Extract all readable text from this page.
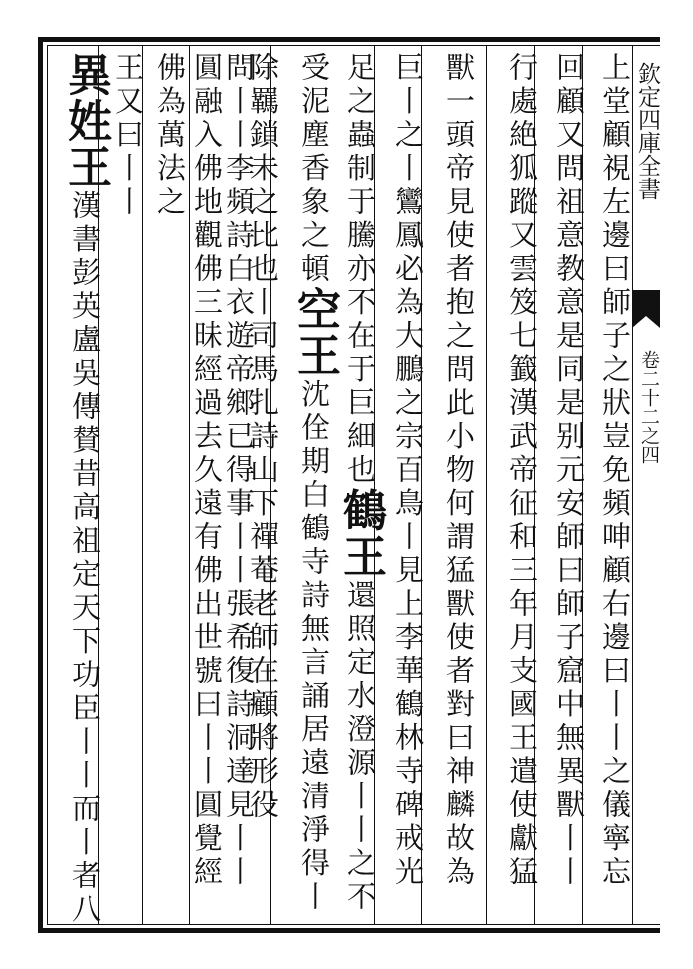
欽定四庫全書
卷二十二之四
上堂顧視左邊曰師子之狀豈免頻呻顧右邊曰丨丨之儀寧忘
回顧又問祖意教意是同是别元安師曰師子窟中無異獸丨丨
行處絶狐蹤又雲笈七籖漢武帝征和三年月支國王遣使獻猛
獸一頭帝見使者抱之問此小物何謂猛獸使者對曰神麟故為
巨丨之丨鸞鳳必為大鵬之宗百鳥丨見上李華鶴林寺碑戒光
足之蟲制于騰亦不在于巨細也鶴王還照定水澄源丨丨之不
受泥塵香象之頓空王沈佺期白鶴寺詩無言誦居遠清淨得丨
除羈鎖未之比也丨司馬扎詩山下禪菴老師在顧將形役
問丨丨李頻詩白衣遊帝鄉已得事丨丨張希復詩洞達見丨丨
圓融入佛地觀佛三昧經過去久遠有佛出世號曰丨丨圓覺經
佛為萬法之
王又曰丨丨
異姓王漢書彭英盧吳傳賛昔高祖定天下功臣丨丨而丨者八
